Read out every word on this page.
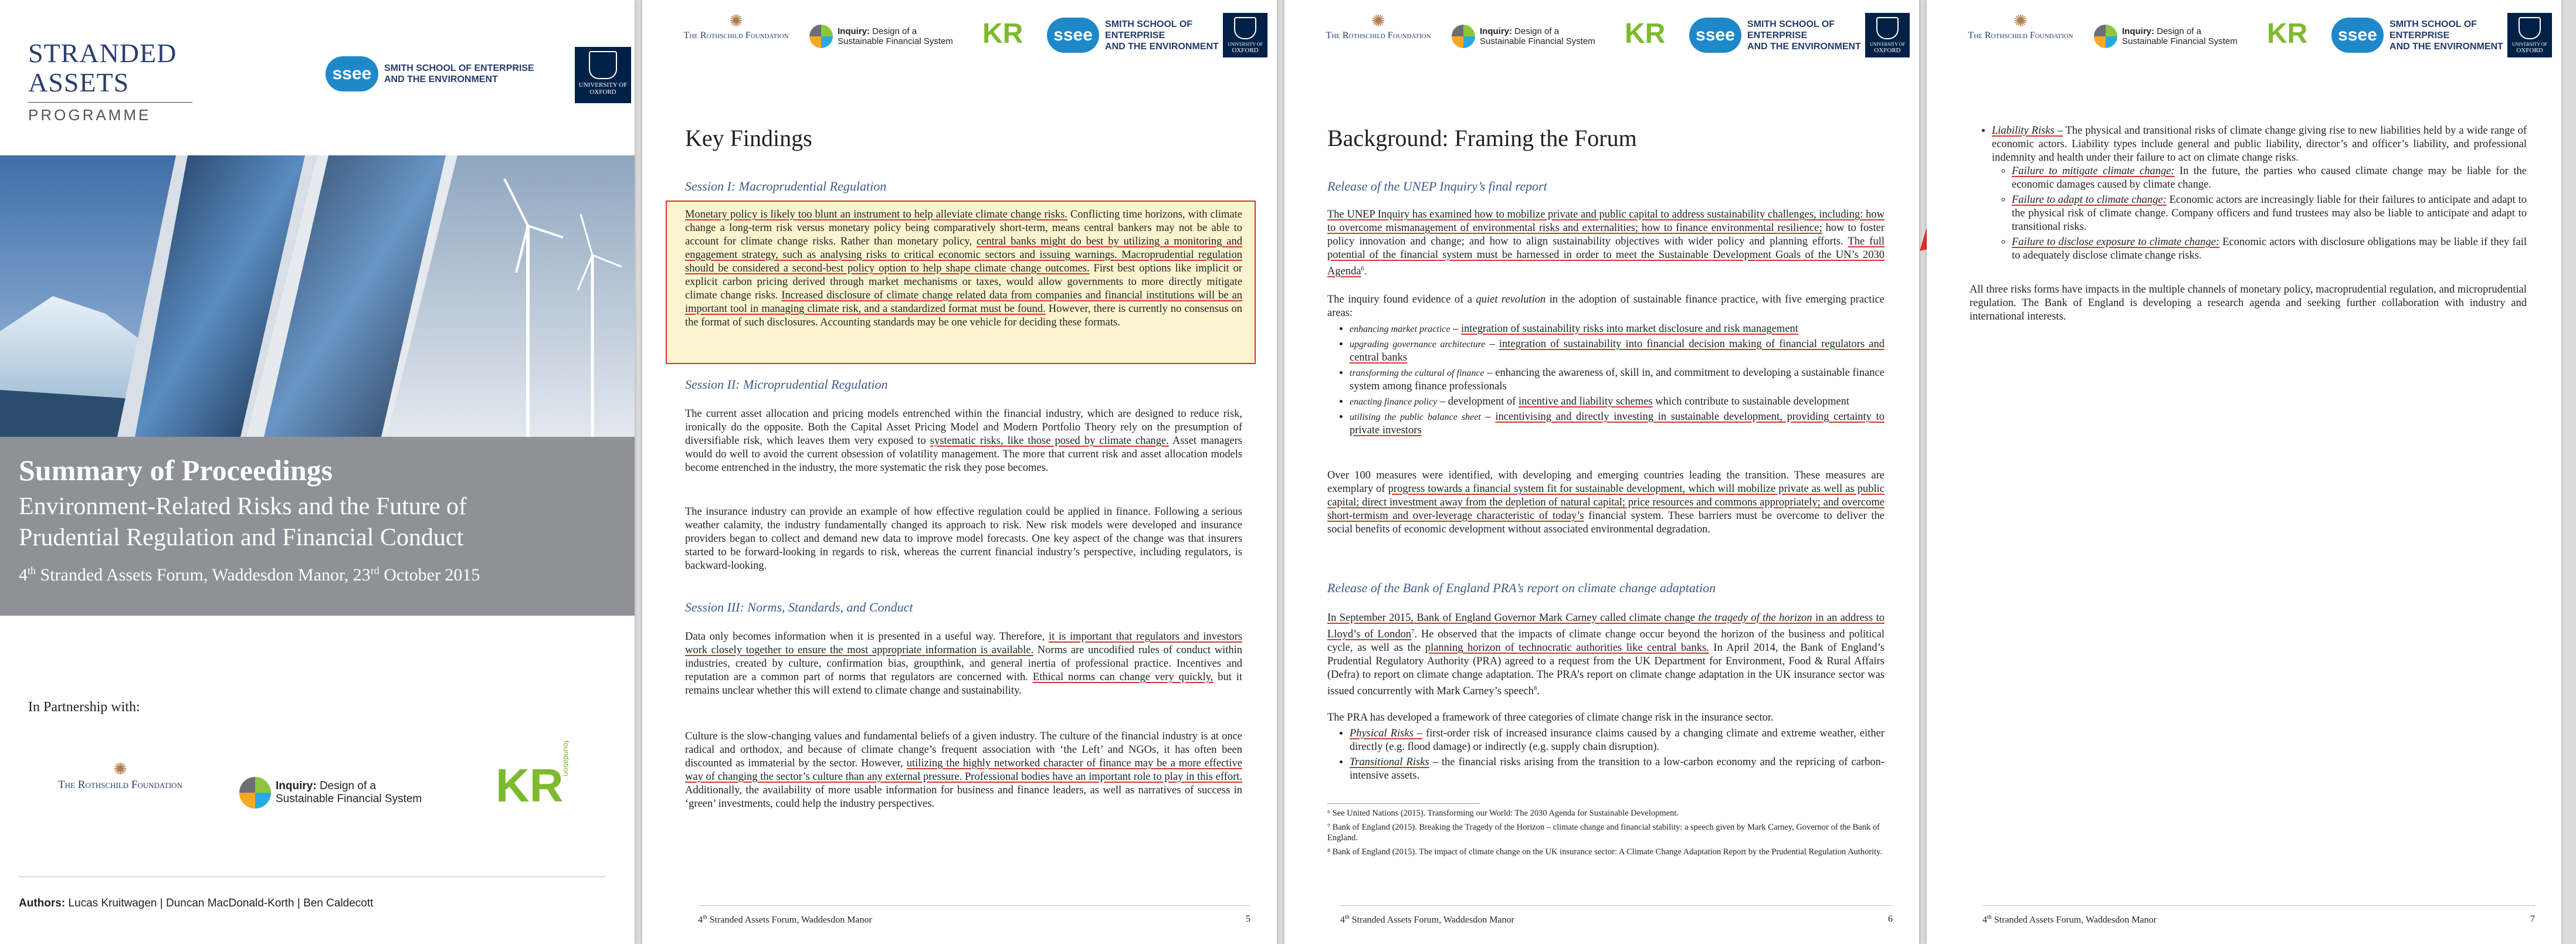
STRANDED
ASSETS
PROGRAMME
ssee	SMITH SCHOOL OF ENTERPRISE
AND THE ENVIRONMENT
UNIVERSITY OF OXFORD
Summary of Proceedings
Environment-Related Risks and the Future of
Prudential Regulation and Financial Conduct
4th Stranded Assets Forum, Waddesdon Manor, 23rd October 2015
In Partnership with:
✺
The Rothschild Foundation	Inquiry: Design of a
Sustainable Financial System KR foundation
Authors: Lucas Kruitwagen | Duncan MacDonald-Korth | Ben Caldecott
✺
The Rothschild Foundation	Inquiry: Design of a
Sustainable Financial System KR	ssee
SMITH SCHOOL OF ENTERPRISE
AND THE ENVIRONMENT	UNIVERSITY OF
OXFORD
Key Findings
Session I: Macroprudential Regulation
Monetary policy is likely too blunt an instrument to help alleviate climate change risks. Conflicting time horizons, with climate change a long-term risk versus monetary policy being comparatively short-term, means central bankers may not be able to account for climate change risks. Rather than monetary policy, central banks might do best by utilizing a monitoring and engagement strategy, such as analysing risks to critical economic sectors and issuing warnings. Macroprudential regulation should be considered a second-best policy option to help shape climate change outcomes. First best options like implicit or explicit carbon pricing derived through market mechanisms or taxes, would allow governments to more directly mitigate climate change risks. Increased disclosure of climate change related data from companies and financial institutions will be an important tool in managing climate risk, and a standardized format must be found. However, there is currently no consensus on the format of such disclosures. Accounting standards may be one vehicle for deciding these formats.
Session II: Microprudential Regulation
The current asset allocation and pricing models entrenched within the financial industry, which are designed to reduce risk, ironically do the opposite. Both the Capital Asset Pricing Model and Modern Portfolio Theory rely on the presumption of diversifiable risk, which leaves them very exposed to systematic risks, like those posed by climate change. Asset managers would do well to avoid the current obsession of volatility management. The more that current risk and asset allocation models become entrenched in the industry, the more systematic the risk they pose becomes.
The insurance industry can provide an example of how effective regulation could be applied in finance. Following a serious weather calamity, the industry fundamentally changed its approach to risk. New risk models were developed and insurance providers began to collect and demand new data to improve model forecasts. One key aspect of the change was that insurers started to be forward-looking in regards to risk, whereas the current financial industry’s perspective, including regulators, is backward-looking.
Session III: Norms, Standards, and Conduct
Data only becomes information when it is presented in a useful way. Therefore, it is important that regulators and investors work closely together to ensure the most appropriate information is available. Norms are uncodified rules of conduct within industries, created by culture, confirmation bias, groupthink, and general inertia of professional practice. Incentives and reputation are a common part of norms that regulators are concerned with. Ethical norms can change very quickly, but it remains unclear whether this will extend to climate change and sustainability.
Culture is the slow-changing values and fundamental beliefs of a given industry. The culture of the financial industry is at once radical and orthodox, and because of climate change’s frequent association with ‘the Left’ and NGOs, it has often been discounted as immaterial by the sector. However, utilizing the highly networked character of finance may be a more effective way of changing the sector’s culture than any external pressure. Professional bodies have an important role to play in this effort. Additionally, the availability of more usable information for business and finance leaders, as well as narratives of success in ‘green’ investments, could help the industry perspectives.
4th Stranded Assets Forum, Waddesdon Manor	5
✺
The Rothschild Foundation	Inquiry: Design of a
Sustainable Financial System KR	ssee
SMITH SCHOOL OF ENTERPRISE
AND THE ENVIRONMENT	UNIVERSITY OF
OXFORD
Background: Framing the Forum
Release of the UNEP Inquiry’s final report
The UNEP Inquiry has examined how to mobilize private and public capital to address sustainability challenges, including: how to overcome mismanagement of environmental risks and externalities; how to finance environmental resilience; how to foster policy innovation and change; and how to align sustainability objectives with wider policy and planning efforts. The full potential of the financial system must be harnessed in order to meet the Sustainable Development Goals of the UN’s 2030 Agenda$^6$.
The inquiry found evidence of a quiet revolution in the adoption of sustainable finance practice, with five emerging practice areas:
• enhancing market practice – integration of sustainability risks into market disclosure and risk management
• upgrading governance architecture – integration of sustainability into financial decision making of financial regulators and central banks
• transforming the cultural of finance – enhancing the awareness of, skill in, and commitment to developing a sustainable finance system among finance professionals
• enacting finance policy – development of incentive and liability schemes which contribute to sustainable development
• utilising the public balance sheet – incentivising and directly investing in sustainable development, providing certainty to private investors
Over 100 measures were identified, with developing and emerging countries leading the transition. These measures are exemplary of progress towards a financial system fit for sustainable development, which will mobilize private as well as public capital; direct investment away from the depletion of natural capital; price resources and commons appropriately; and overcome short-termism and over-leverage characteristic of today’s financial system. These barriers must be overcome to deliver the social benefits of economic development without associated environmental degradation.
Release of the Bank of England PRA’s report on climate change adaptation
In September 2015, Bank of England Governor Mark Carney called climate change the tragedy of the horizon in an address to Lloyd’s of London$^7$. He observed that the impacts of climate change occur beyond the horizon of the business and political cycle, as well as the planning horizon of technocratic authorities like central banks. In April 2014, the Bank of England’s Prudential Regulatory Authority (PRA) agreed to a request from the UK Department for Environment, Food & Rural Affairs (Defra) to report on climate change adaptation. The PRA’s report on climate change adaptation in the UK insurance sector was issued concurrently with Mark Carney’s speech$^8$.
The PRA has developed a framework of three categories of climate change risk in the insurance sector.
• Physical Risks – first-order risk of increased insurance claims caused by a changing climate and extreme weather, either directly (e.g. flood damage) or indirectly (e.g. supply chain disruption).
• Transitional Risks – the financial risks arising from the transition to a low-carbon economy and the repricing of carbon-intensive assets.
⁶ See United Nations (2015). Transforming our World: The 2030 Agenda for Sustainable Development.
⁷ Bank of England (2015). Breaking the Tragedy of the Horizon – climate change and financial stability: a speech given by Mark Carney, Governor of the Bank of England.
⁸ Bank of England (2015). The impact of climate change on the UK insurance sector: A Climate Change Adaptation Report by the Prudential Regulation Authority.
4th Stranded Assets Forum, Waddesdon Manor	6
✺
The Rothschild Foundation	Inquiry: Design of a
Sustainable Financial System KR	ssee
SMITH SCHOOL OF ENTERPRISE
AND THE ENVIRONMENT	UNIVERSITY OF
OXFORD
• Liability Risks – The physical and transitional risks of climate change giving rise to new liabilities held by a wide range of economic actors. Liability types include general and public liability, director’s and officer’s liability, and professional indemnity and health under their failure to act on climate change risks.
◦ Failure to mitigate climate change: In the future, the parties who caused climate change may be liable for the economic damages caused by climate change.
◦ Failure to adapt to climate change: Economic actors are increasingly liable for their failures to anticipate and adapt to the physical risk of climate change. Company officers and fund trustees may also be liable to anticipate and adapt to transitional risks.
◦ Failure to disclose exposure to climate change: Economic actors with disclosure obligations may be liable if they fail to adequately disclose climate change risks.
All three risks forms have impacts in the multiple channels of monetary policy, macroprudential regulation, and microprudential regulation. The Bank of England is developing a research agenda and seeking further collaboration with industry and international interests.
4th Stranded Assets Forum, Waddesdon Manor	7
